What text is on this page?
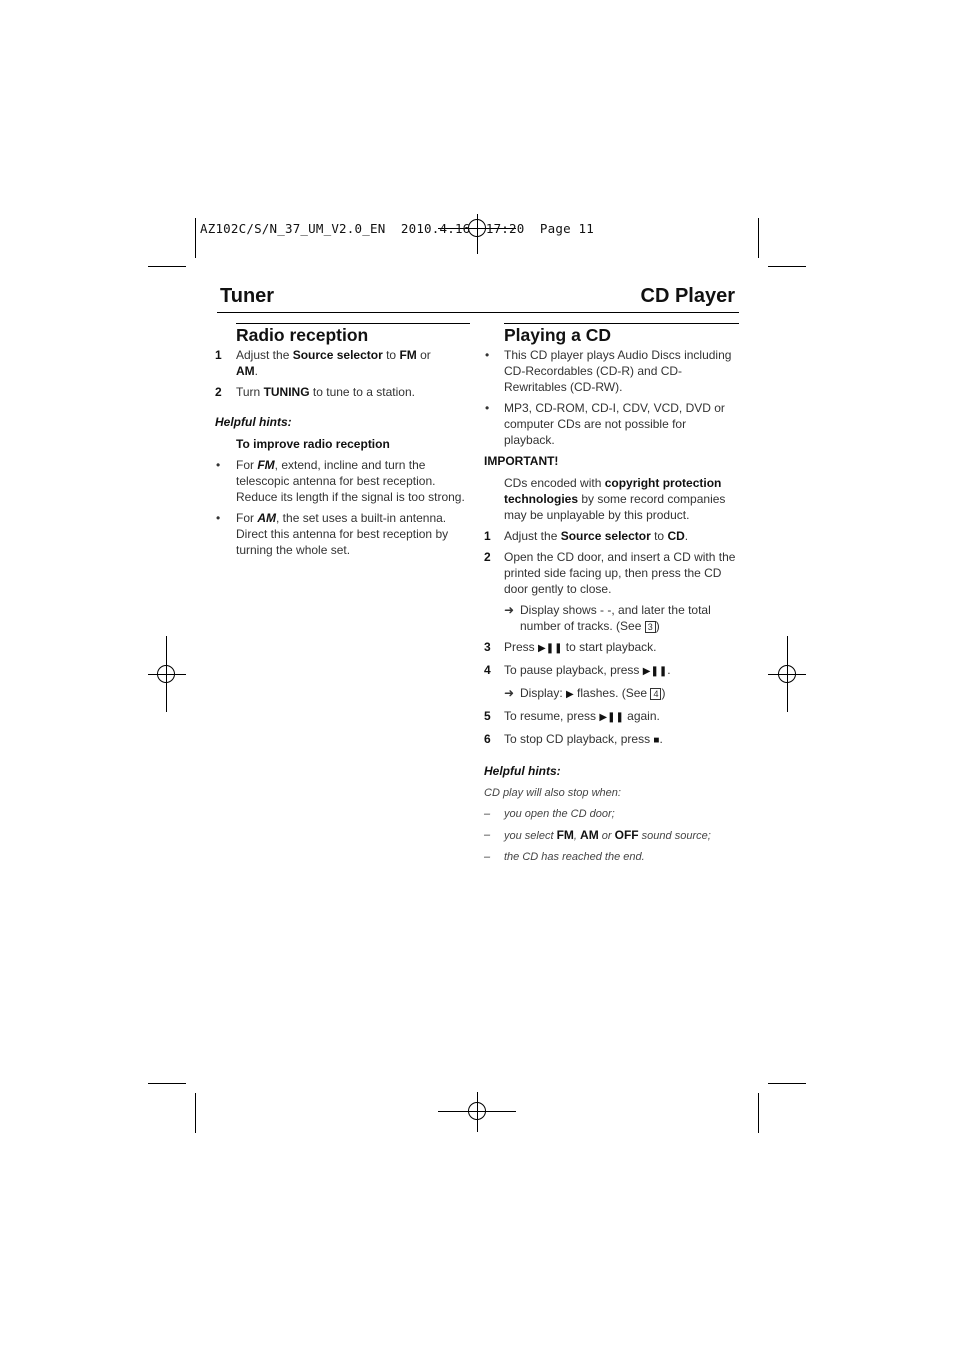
AZ102C/S/N_37_UM_V2.0_EN  2010.4.16  17:20  Page 11
Tuner	CD Player
Radio reception
1 Adjust the Source selector to FM or
AM.
2 Turn TUNING to tune to a station.
Helpful hints:
To improve radio reception
• For FM, extend, incline and turn the telescopic antenna for best reception. Reduce its length if the signal is too strong.
• For AM, the set uses a built-in antenna. Direct this antenna for best reception by turning the whole set.
Playing a CD
• This CD player plays Audio Discs including CD-Recordables (CD-R) and CD-Rewritables (CD-RW).
• MP3, CD-ROM, CD-I, CDV, VCD, DVD or computer CDs are not possible for playback.
IMPORTANT!
CDs encoded with copyright protection technologies by some record companies may be unplayable by this product.
1 Adjust the Source selector to CD.
2 Open the CD door, and insert a CD with the printed side facing up, then press the CD door gently to close.
➜ Display shows - -, and later the total number of tracks. (See 3 )
3 Press ▶❚❚ to start playback.
4 To pause playback, press ▶❚❚.
➜ Display: ▶ flashes. (See 4 )
5 To resume, press ▶❚❚ again.
6 To stop CD playback, press ■.
Helpful hints:
CD play will also stop when:
– you open the CD door;
– you select FM, AM or OFF sound source;
– the CD has reached the end.
